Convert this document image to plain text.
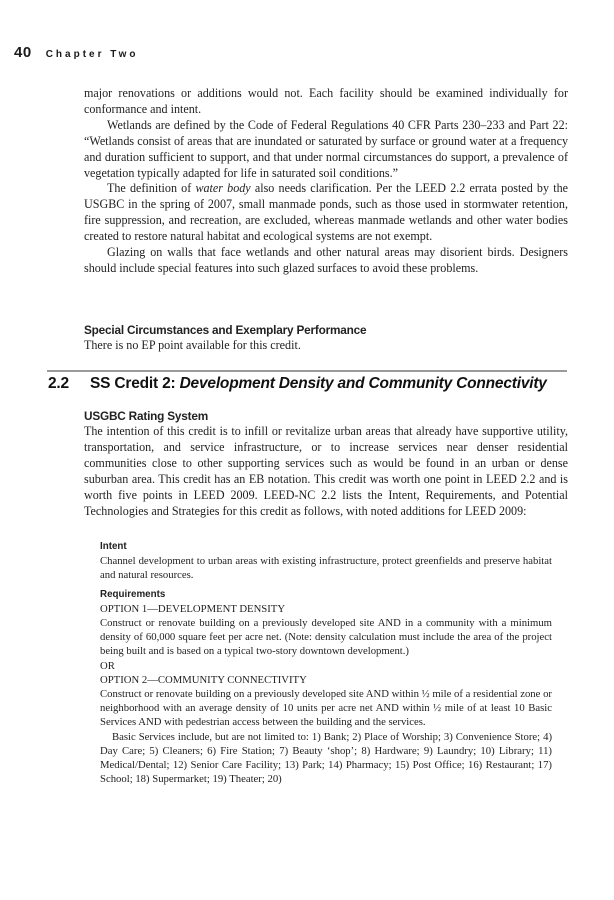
40 Chapter Two

major renovations or additions would not. Each facility should be examined individually for conformance and intent.

Wetlands are defined by the Code of Federal Regulations 40 CFR Parts 230–233 and Part 22: “Wetlands consist of areas that are inundated or saturated by surface or ground water at a frequency and duration sufficient to support, and that under normal circumstances do support, a prevalence of vegetation typically adapted for life in saturated soil conditions.”

The definition of water body also needs clarification. Per the LEED 2.2 errata posted by the USGBC in the spring of 2007, small manmade ponds, such as those used in stormwater retention, fire suppression, and recreation, are excluded, whereas manmade wetlands and other water bodies created to restore natural habitat and ecological systems are not exempt.

Glazing on walls that face wetlands and other natural areas may disorient birds. Designers should include special features into such glazed surfaces to avoid these problems.

Special Circumstances and Exemplary Performance

There is no EP point available for this credit.

2.2 SS Credit 2: Development Density and Community Connectivity
USGBC Rating System

The intention of this credit is to infill or revitalize urban areas that already have supportive utility, transportation, and service infrastructure, or to increase services near denser residential communities close to other supporting services such as would be found in an urban or dense suburban area. This credit has an EB notation. This credit was worth one point in LEED 2.2 and is worth five points in LEED 2009. LEED-NC 2.2 lists the Intent, Requirements, and Potential Technologies and Strategies for this credit as follows, with noted additions for LEED 2009:

Intent

Channel development to urban areas with existing infrastructure, protect greenfields and preserve habitat and natural resources.

Requirements

OPTION 1—DEVELOPMENT DENSITY

Construct or renovate building on a previously developed site AND in a community with a minimum density of 60,000 square feet per acre net. (Note: density calculation must include the area of the project being built and is based on a typical two-story downtown development.)

OR

OPTION 2—COMMUNITY CONNECTIVITY

Construct or renovate building on a previously developed site AND within ½ mile of a residential zone or neighborhood with an average density of 10 units per acre net AND within ½ mile of at least 10 Basic Services AND with pedestrian access between the building and the services.

Basic Services include, but are not limited to: 1) Bank; 2) Place of Worship; 3) Convenience Store; 4) Day Care; 5) Cleaners; 6) Fire Station; 7) Beauty ‘shop’; 8) Hardware; 9) Laundry; 10) Library; 11) Medical/Dental; 12) Senior Care Facility; 13) Park; 14) Pharmacy; 15) Post Office; 16) Restaurant; 17) School; 18) Supermarket; 19) Theater; 20)
